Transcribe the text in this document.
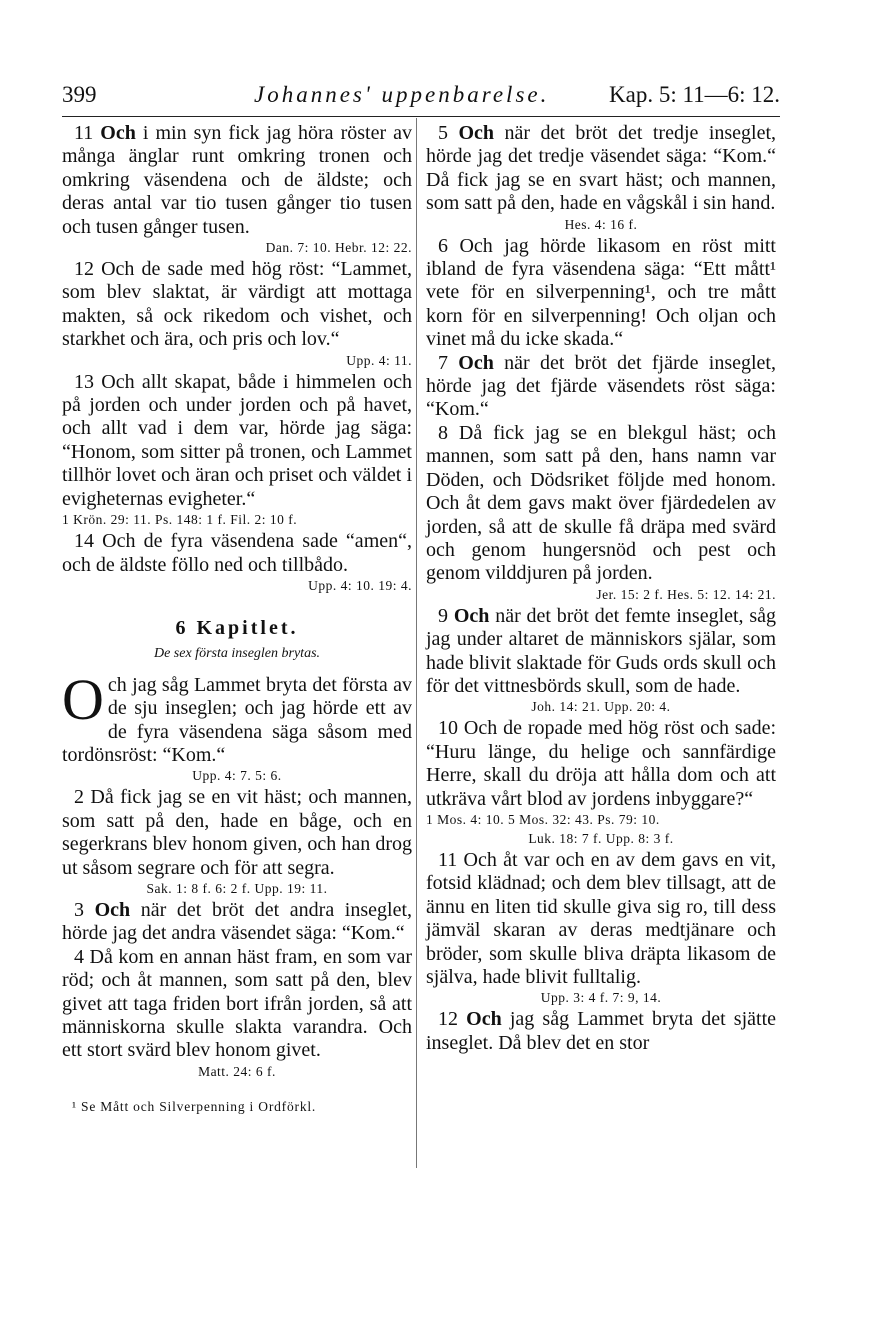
399	Johannes' uppenbarelse.	Kap. 5: 11—6: 12.

11 Och i min syn fick jag höra röster av många änglar runt omkring tronen och omkring väsendena och de äldste; och deras antal var tio tusen gånger tio tusen och tusen gånger tusen.

Dan. 7: 10. Hebr. 12: 22.

12 Och de sade med hög röst: “Lammet, som blev slaktat, är värdigt att mottaga makten, så ock rikedom och vishet, och starkhet och ära, och pris och lov.“

Upp. 4: 11.

13 Och allt skapat, både i himmelen och på jorden och under jorden och på havet, och allt vad i dem var, hörde jag säga: “Honom, som sitter på tronen, och Lammet tillhör lovet och äran och priset och väldet i evigheternas evigheter.“

1 Krön. 29: 11. Ps. 148: 1 f. Fil. 2: 10 f.

14 Och de fyra väsendena sade “amen“, och de äldste föllo ned och tillbådo.

Upp. 4: 10. 19: 4.

6 Kapitlet.
De sex första inseglen brytas.

O ch jag såg Lammet bryta det första av de sju inseglen; och jag hörde ett av de fyra väsendena säga såsom med tordönsröst: “Kom.“

Upp. 4: 7. 5: 6.

2 Då fick jag se en vit häst; och mannen, som satt på den, hade en båge, och en segerkrans blev honom given, och han drog ut såsom segrare och för att segra.

Sak. 1: 8 f. 6: 2 f. Upp. 19: 11.

3 Och när det bröt det andra inseglet, hörde jag det andra väsendet säga: “Kom.“

4 Då kom en annan häst fram, en som var röd; och åt mannen, som satt på den, blev givet att taga friden bort ifrån jorden, så att människorna skulle slakta varandra. Och ett stort svärd blev honom givet.

Matt. 24: 6 f.

¹ Se Mått och Silverpenning i Ordförkl.

5 Och när det bröt det tredje inseglet, hörde jag det tredje väsendet säga: “Kom.“ Då fick jag se en svart häst; och mannen, som satt på den, hade en vågskål i sin hand.

Hes. 4: 16 f.

6 Och jag hörde likasom en röst mitt ibland de fyra väsendena säga: “Ett mått¹ vete för en silverpenning¹, och tre mått korn för en silverpenning! Och oljan och vinet må du icke skada.“

7 Och när det bröt det fjärde inseglet, hörde jag det fjärde väsendets röst säga: “Kom.“

8 Då fick jag se en blekgul häst; och mannen, som satt på den, hans namn var Döden, och Dödsriket följde med honom. Och åt dem gavs makt över fjärdedelen av jorden, så att de skulle få dräpa med svärd och genom hungersnöd och pest och genom vilddjuren på jorden.

Jer. 15: 2 f. Hes. 5: 12. 14: 21.

9 Och när det bröt det femte inseglet, såg jag under altaret de människors själar, som hade blivit slaktade för Guds ords skull och för det vittnesbörds skull, som de hade.

Joh. 14: 21. Upp. 20: 4.

10 Och de ropade med hög röst och sade: “Huru länge, du helige och sannfärdige Herre, skall du dröja att hålla dom och att utkräva vårt blod av jordens inbyggare?“

1 Mos. 4: 10. 5 Mos. 32: 43. Ps. 79: 10.

Luk. 18: 7 f. Upp. 8: 3 f.

11 Och åt var och en av dem gavs en vit, fotsid klädnad; och dem blev tillsagt, att de ännu en liten tid skulle giva sig ro, till dess jämväl skaran av deras medtjänare och bröder, som skulle bliva dräpta likasom de själva, hade blivit fulltalig.

Upp. 3: 4 f. 7: 9, 14.

12 Och jag såg Lammet bryta det sjätte inseglet. Då blev det en stor
